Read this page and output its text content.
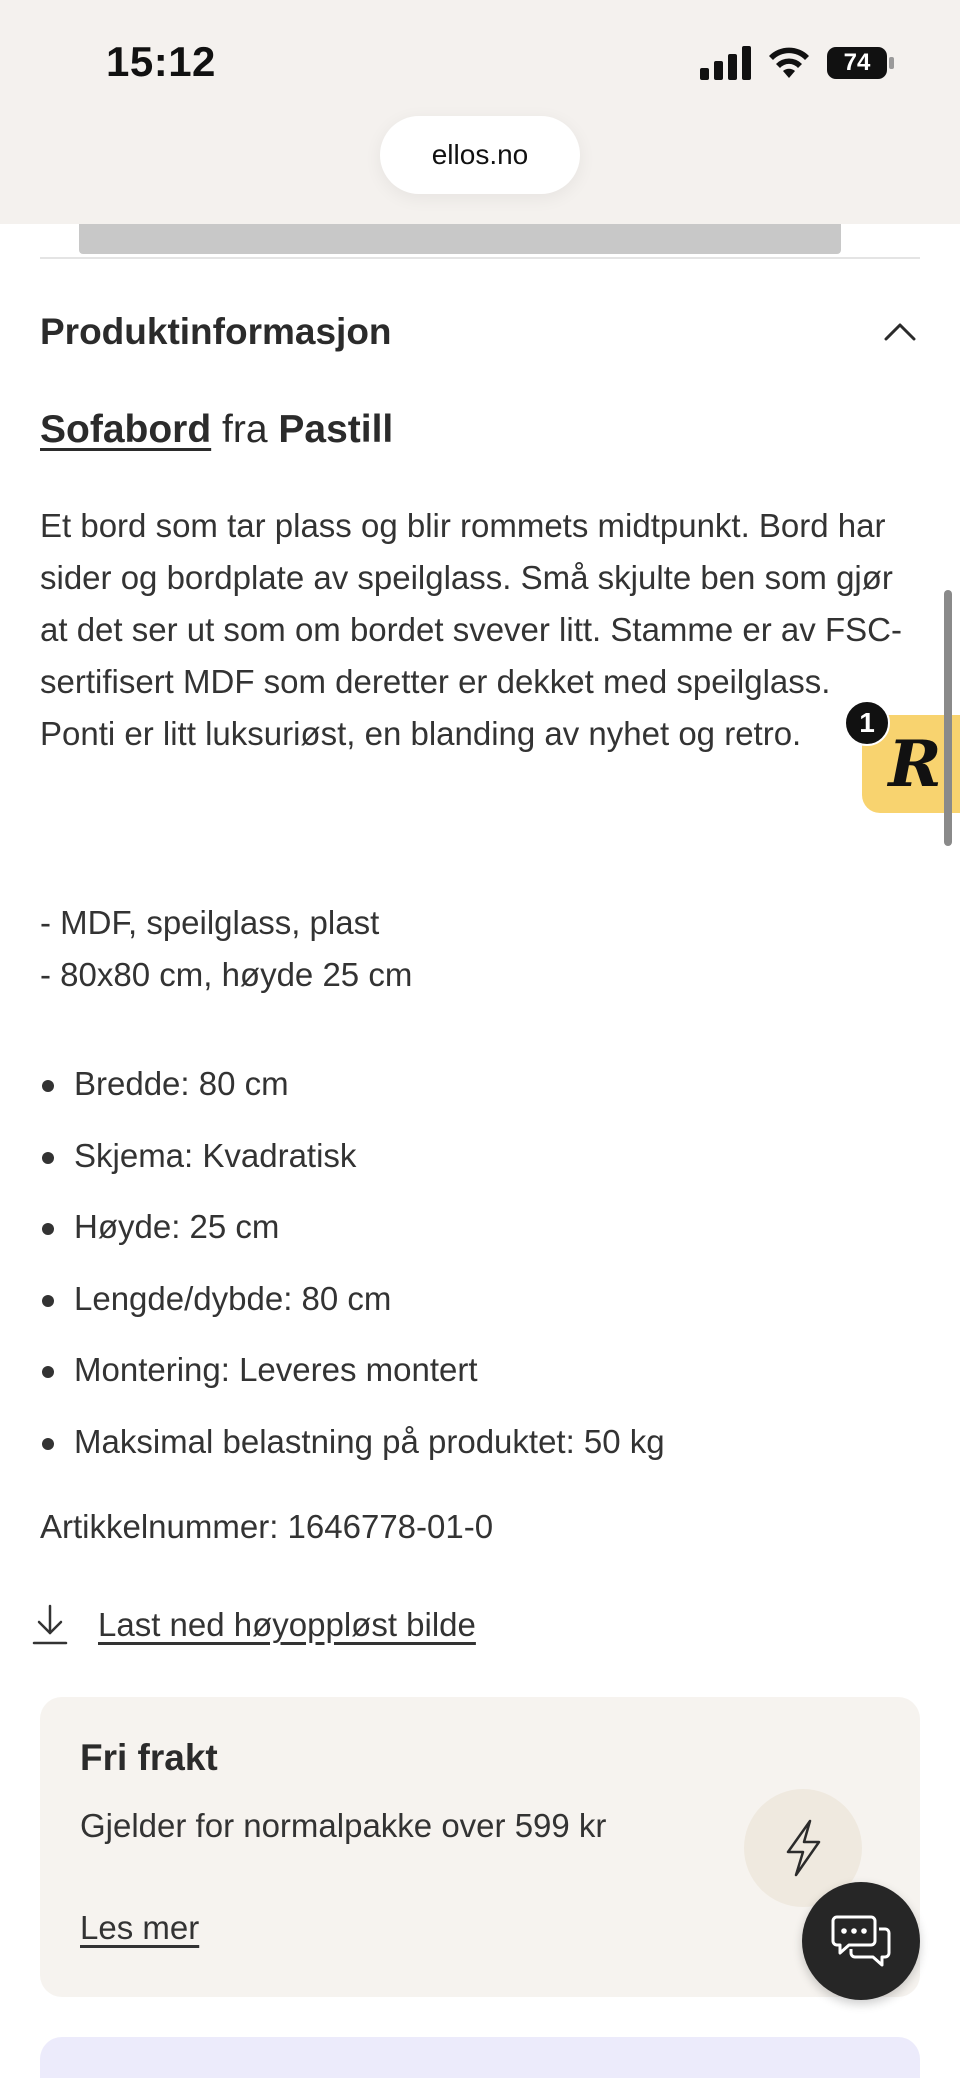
15:12	74
ellos.no
Produktinformasjon
Sofabord fra Pastill

Et bord som tar plass og blir rommets midtpunkt. Bord har sider og bordplate av speilglass. Små skjulte ben som gjør at det ser ut som om bordet svever litt. Stamme er av FSC-sertifisert MDF som deretter er dekket med speilglass. Ponti er litt luksuriøst, en blanding av nyhet og retro.

- MDF, speilglass, plast
- 80x80 cm, høyde 25 cm
Bredde: 80 cm
Skjema: Kvadratisk
Høyde: 25 cm
Lengde/dybde: 80 cm
Montering: Leveres montert
Maksimal belastning på produktet: 50 kg
Artikkelnummer: 1646778-01-0
Last ned høyoppløst bilde
Fri frakt
Gjelder for normalpakke over 599 kr
Les mer
R
1
